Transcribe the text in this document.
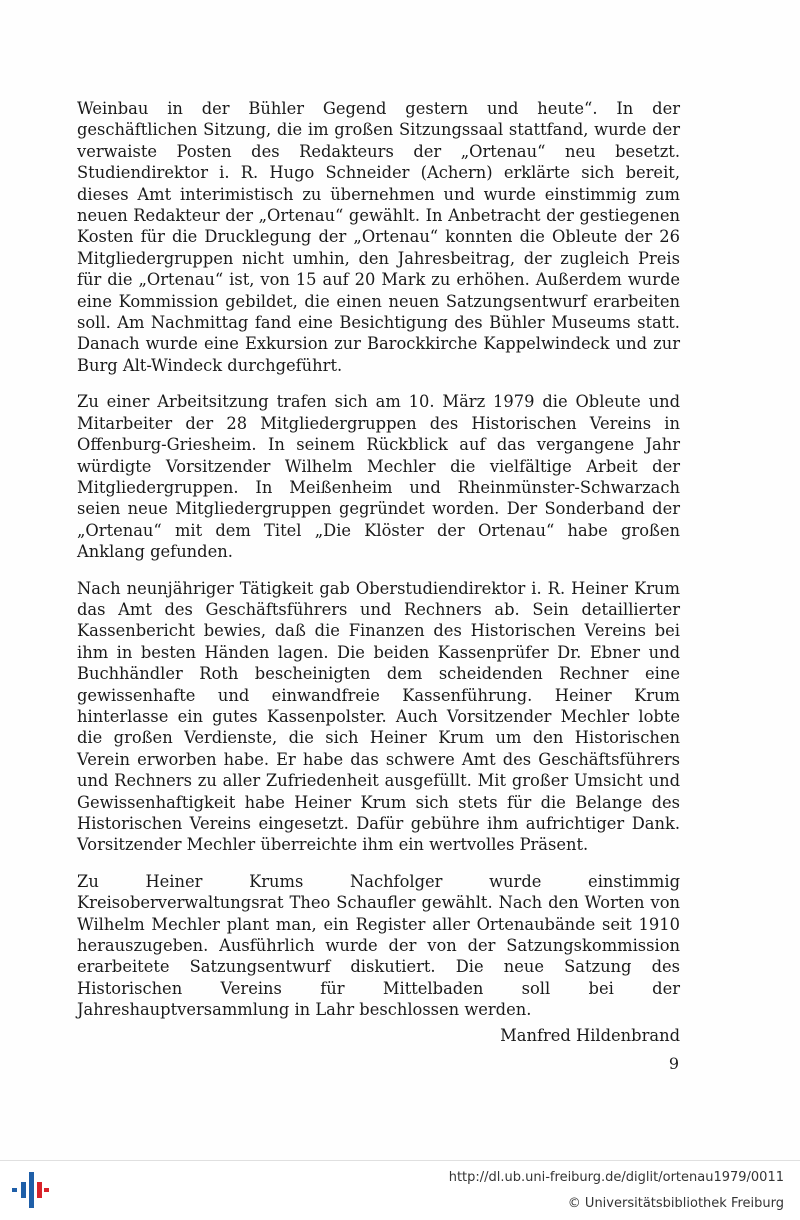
Weinbau in der Bühler Gegend gestern und heute“. In der geschäftlichen Sitzung, die im großen Sitzungssaal stattfand, wurde der verwaiste Posten des Redakteurs der „Ortenau“ neu besetzt. Studiendirektor i. R. Hugo Schneider (Achern) erklärte sich bereit, dieses Amt interimistisch zu übernehmen und wurde einstimmig zum neuen Redakteur der „Ortenau“ gewählt. In Anbetracht der gestiegenen Kosten für die Drucklegung der „Ortenau“ konnten die Obleute der 26 Mitgliedergruppen nicht umhin, den Jahresbeitrag, der zugleich Preis für die „Ortenau“ ist, von 15 auf 20 Mark zu erhöhen. Außerdem wurde eine Kommission gebildet, die einen neuen Satzungsentwurf erarbeiten soll. Am Nachmittag fand eine Besichtigung des Bühler Museums statt. Danach wurde eine Exkursion zur Barockkirche Kappelwindeck und zur Burg Alt-Windeck durchgeführt.

Zu einer Arbeitsitzung trafen sich am 10. März 1979 die Obleute und Mitarbeiter der 28 Mitgliedergruppen des Historischen Vereins in Offenburg-Griesheim. In seinem Rückblick auf das vergangene Jahr würdigte Vorsitzender Wilhelm Mechler die vielfältige Arbeit der Mitgliedergruppen. In Meißenheim und Rheinmünster-Schwarzach seien neue Mitgliedergruppen gegründet worden. Der Sonderband der „Ortenau“ mit dem Titel „Die Klöster der Ortenau“ habe großen Anklang gefunden.

Nach neunjähriger Tätigkeit gab Oberstudiendirektor i. R. Heiner Krum das Amt des Geschäftsführers und Rechners ab. Sein detaillierter Kassenbericht bewies, daß die Finanzen des Historischen Vereins bei ihm in besten Händen lagen. Die beiden Kassenprüfer Dr. Ebner und Buchhändler Roth bescheinigten dem scheidenden Rechner eine gewissenhafte und einwandfreie Kassenführung. Heiner Krum hinterlasse ein gutes Kassenpolster. Auch Vorsitzender Mechler lobte die großen Verdienste, die sich Heiner Krum um den Historischen Verein erworben habe. Er habe das schwere Amt des Geschäftsführers und Rechners zu aller Zufriedenheit ausgefüllt. Mit großer Umsicht und Gewissenhaftigkeit habe Heiner Krum sich stets für die Belange des Historischen Vereins eingesetzt. Dafür gebühre ihm aufrichtiger Dank. Vorsitzender Mechler überreichte ihm ein wertvolles Präsent.

Zu Heiner Krums Nachfolger wurde einstimmig Kreisoberverwaltungsrat Theo Schaufler gewählt. Nach den Worten von Wilhelm Mechler plant man, ein Register aller Ortenaubände seit 1910 herauszugeben. Ausführlich wurde der von der Satzungskommission erarbeitete Satzungsentwurf diskutiert. Die neue Satzung des Historischen Vereins für Mittelbaden soll bei der Jahreshauptversammlung in Lahr beschlossen werden.

Manfred Hildenbrand
9
http://dl.ub.uni-freiburg.de/diglit/ortenau1979/0011
© Universitätsbibliothek Freiburg
